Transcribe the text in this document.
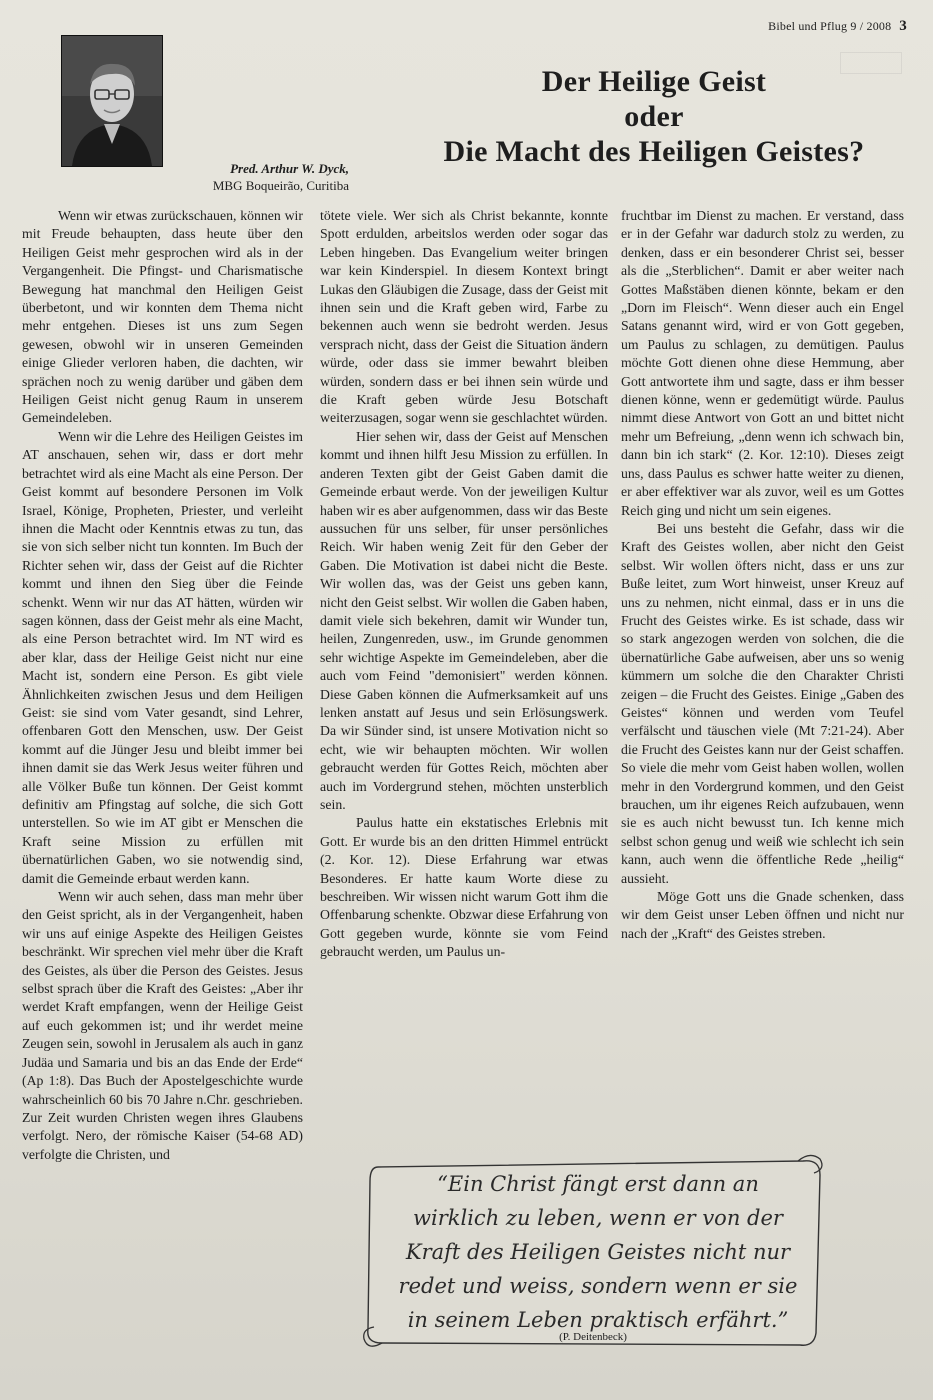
Bibel und Pflug 9 / 2008 3
Pred. Arthur W. Dyck,
MBG Boqueirão, Curitiba
Der Heilige Geist
oder
Die Macht des Heiligen Geistes?

Wenn wir etwas zurückschauen, können wir mit Freude behaupten, dass heute über den Heiligen Geist mehr gesprochen wird als in der Vergangenheit. Die Pfingst- und Charismatische Bewegung hat manchmal den Heiligen Geist überbetont, und wir konnten dem Thema nicht mehr entgehen. Dieses ist uns zum Segen gewesen, obwohl wir in unseren Gemeinden einige Glieder verloren haben, die dachten, wir sprächen noch zu wenig darüber und gäben dem Heiligen Geist nicht genug Raum in unserem Gemeindeleben.

Wenn wir die Lehre des Heiligen Geistes im AT anschauen, sehen wir, dass er dort mehr betrachtet wird als eine Macht als eine Person. Der Geist kommt auf besondere Personen im Volk Israel, Könige, Propheten, Priester, und verleiht ihnen die Macht oder Kenntnis etwas zu tun, das sie von sich selber nicht tun konnten. Im Buch der Richter sehen wir, dass der Geist auf die Richter kommt und ihnen den Sieg über die Feinde schenkt. Wenn wir nur das AT hätten, würden wir sagen können, dass der Geist mehr als eine Macht, als eine Person betrachtet wird. Im NT wird es aber klar, dass der Heilige Geist nicht nur eine Macht ist, sondern eine Person. Es gibt viele Ähnlichkeiten zwischen Jesus und dem Heiligen Geist: sie sind vom Vater gesandt, sind Lehrer, offenbaren Gott den Menschen, usw. Der Geist kommt auf die Jünger Jesu und bleibt immer bei ihnen damit sie das Werk Jesus weiter führen und alle Völker Buße tun können. Der Geist kommt definitiv am Pfingstag auf solche, die sich Gott unterstellen. So wie im AT gibt er Menschen die Kraft seine Mission zu erfüllen mit übernatürlichen Gaben, wo sie notwendig sind, damit die Gemeinde erbaut werden kann.

Wenn wir auch sehen, dass man mehr über den Geist spricht, als in der Vergangenheit, haben wir uns auf einige Aspekte des Heiligen Geistes beschränkt. Wir sprechen viel mehr über die Kraft des Geistes, als über die Person des Geistes. Jesus selbst sprach über die Kraft des Geistes: „Aber ihr werdet Kraft empfangen, wenn der Heilige Geist auf euch gekommen ist; und ihr werdet meine Zeugen sein, sowohl in Jerusalem als auch in ganz Judäa und Samaria und bis an das Ende der Erde“ (Ap 1:8). Das Buch der Apostelgeschichte wurde wahrscheinlich 60 bis 70 Jahre n.Chr. geschrieben. Zur Zeit wurden Christen wegen ihres Glaubens verfolgt. Nero, der römische Kaiser (54-68 AD) verfolgte die Christen, und

tötete viele. Wer sich als Christ bekannte, konnte Spott erdulden, arbeitslos werden oder sogar das Leben hingeben. Das Evangelium weiter bringen war kein Kinderspiel. In diesem Kontext bringt Lukas den Gläubigen die Zusage, dass der Geist mit ihnen sein und die Kraft geben wird, Farbe zu bekennen auch wenn sie bedroht werden. Jesus versprach nicht, dass der Geist die Situation ändern würde, oder dass sie immer bewahrt bleiben würden, sondern dass er bei ihnen sein würde und die Kraft geben würde Jesu Botschaft weiterzusagen, sogar wenn sie geschlachtet würden.

Hier sehen wir, dass der Geist auf Menschen kommt und ihnen hilft Jesu Mission zu erfüllen. In anderen Texten gibt der Geist Gaben damit die Gemeinde erbaut werde. Von der jeweiligen Kultur haben wir es aber aufgenommen, dass wir das Beste aussuchen für uns selber, für unser persönliches Reich. Wir haben wenig Zeit für den Geber der Gaben. Die Motivation ist dabei nicht die Beste. Wir wollen das, was der Geist uns geben kann, nicht den Geist selbst. Wir wollen die Gaben haben, damit viele sich bekehren, damit wir Wunder tun, heilen, Zungenreden, usw., im Grunde genommen sehr wichtige Aspekte im Gemeindeleben, aber die auch vom Feind "demonisiert" werden können. Diese Gaben können die Aufmerksamkeit auf uns lenken anstatt auf Jesus und sein Erlösungswerk. Da wir Sünder sind, ist unsere Motivation nicht so echt, wie wir behaupten möchten. Wir wollen gebraucht werden für Gottes Reich, möchten aber auch im Vordergrund stehen, möchten unsterblich sein.

Paulus hatte ein ekstatisches Erlebnis mit Gott. Er wurde bis an den dritten Himmel entrückt (2. Kor. 12). Diese Erfahrung war etwas Besonderes. Er hatte kaum Worte diese zu beschreiben. Wir wissen nicht warum Gott ihm die Offenbarung schenkte. Obzwar diese Erfahrung von Gott gegeben wurde, könnte sie vom Feind gebraucht werden, um Paulus un-

fruchtbar im Dienst zu machen. Er verstand, dass er in der Gefahr war dadurch stolz zu werden, zu denken, dass er ein besonderer Christ sei, besser als die „Sterblichen“. Damit er aber weiter nach Gottes Maßstäben dienen könnte, bekam er den „Dorn im Fleisch“. Wenn dieser auch ein Engel Satans genannt wird, wird er von Gott gegeben, um Paulus zu schlagen, zu demütigen. Paulus möchte Gott dienen ohne diese Hemmung, aber Gott antwortete ihm und sagte, dass er ihm besser dienen könne, wenn er gedemütigt würde. Paulus nimmt diese Antwort von Gott an und bittet nicht mehr um Befreiung, „denn wenn ich schwach bin, dann bin ich stark“ (2. Kor. 12:10). Dieses zeigt uns, dass Paulus es schwer hatte weiter zu dienen, er aber effektiver war als zuvor, weil es um Gottes Reich ging und nicht um sein eigenes.

Bei uns besteht die Gefahr, dass wir die Kraft des Geistes wollen, aber nicht den Geist selbst. Wir wollen öfters nicht, dass er uns zur Buße leitet, zum Wort hinweist, unser Kreuz auf uns zu nehmen, nicht einmal, dass er in uns die Frucht des Geistes wirke. Es ist schade, dass wir so stark angezogen werden von solchen, die die übernatürliche Gabe aufweisen, aber uns so wenig kümmern um solche die den Charakter Christi zeigen – die Frucht des Geistes. Einige „Gaben des Geistes“ können und werden vom Teufel verfälscht und täuschen viele (Mt 7:21-24). Aber die Frucht des Geistes kann nur der Geist schaffen. So viele die mehr vom Geist haben wollen, wollen mehr in den Vordergrund kommen, und den Geist brauchen, um ihr eigenes Reich aufzubauen, wenn sie es auch nicht bewusst tun. Ich kenne mich selbst schon genug und weiß wie schlecht ich sein kann, auch wenn die öffentliche Rede „heilig“ aussieht.

Möge Gott uns die Gnade schenken, dass wir dem Geist unser Leben öffnen und nicht nur nach der „Kraft“ des Geistes streben.

“Ein Christ fängt erst dann an wirklich zu leben, wenn er von der Kraft des Heiligen Geistes nicht nur redet und weiss, sondern wenn er sie in seinem Leben praktisch erfährt.”
(P. Deitenbeck)
